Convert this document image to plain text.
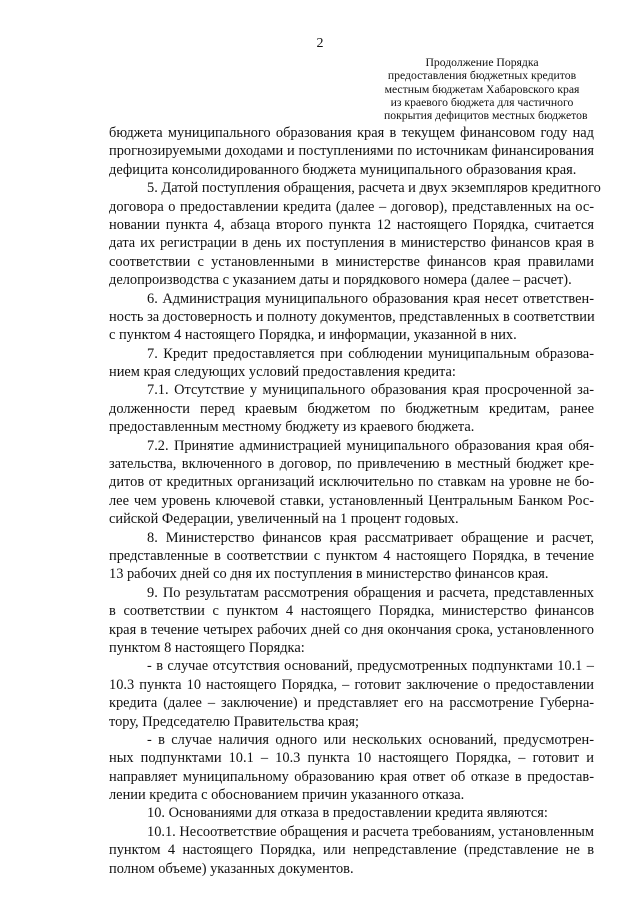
2
Продолжение Порядка
предоставления бюджетных кредитов
местным бюджетам Хабаровского края
из краевого бюджета для частичного
покрытия дефицитов местных бюджетов
бюджета муниципального образования края в текущем финансовом году над
прогнозируемыми доходами и поступлениями по источникам финансирования
дефицита консолидированного бюджета муниципального образования края.
5. Датой поступления обращения, расчета и двух экземпляров кредитного
договора о предоставлении кредита (далее – договор), представленных на ос-
новании пункта 4, абзаца второго пункта 12 настоящего Порядка, считается
дата их регистрации в день их поступления в министерство финансов края в
соответствии с установленными в министерстве финансов края правилами
делопроизводства с указанием даты и порядкового номера (далее – расчет).
6. Администрация муниципального образования края несет ответствен-
ность за достоверность и полноту документов, представленных в соответствии
с пунктом 4 настоящего Порядка, и информации, указанной в них.
7. Кредит предоставляется при соблюдении муниципальным образова-
нием края следующих условий предоставления кредита:
7.1. Отсутствие у муниципального образования края просроченной за-
долженности перед краевым бюджетом по бюджетным кредитам, ранее
предоставленным местному бюджету из краевого бюджета.
7.2. Принятие администрацией муниципального образования края обя-
зательства, включенного в договор, по привлечению в местный бюджет кре-
дитов от кредитных организаций исключительно по ставкам на уровне не бо-
лее чем уровень ключевой ставки, установленный Центральным Банком Рос-
сийской Федерации, увеличенный на 1 процент годовых.
8. Министерство финансов края рассматривает обращение и расчет,
представленные в соответствии с пунктом 4 настоящего Порядка, в течение
13 рабочих дней со дня их поступления в министерство финансов края.
9. По результатам рассмотрения обращения и расчета, представленных
в соответствии с пунктом 4 настоящего Порядка, министерство финансов
края в течение четырех рабочих дней со дня окончания срока, установленного
пунктом 8 настоящего Порядка:
- в случае отсутствия оснований, предусмотренных подпунктами 10.1 –
10.3 пункта 10 настоящего Порядка, – готовит заключение о предоставлении
кредита (далее – заключение) и представляет его на рассмотрение Губерна-
тору, Председателю Правительства края;
- в случае наличия одного или нескольких оснований, предусмотрен-
ных подпунктами 10.1 – 10.3 пункта 10 настоящего Порядка, – готовит и
направляет муниципальному образованию края ответ об отказе в предостав-
лении кредита с обоснованием причин указанного отказа.
10. Основаниями для отказа в предоставлении кредита являются:
10.1. Несоответствие обращения и расчета требованиям, установленным
пунктом 4 настоящего Порядка, или непредставление (представление не в
полном объеме) указанных документов.
